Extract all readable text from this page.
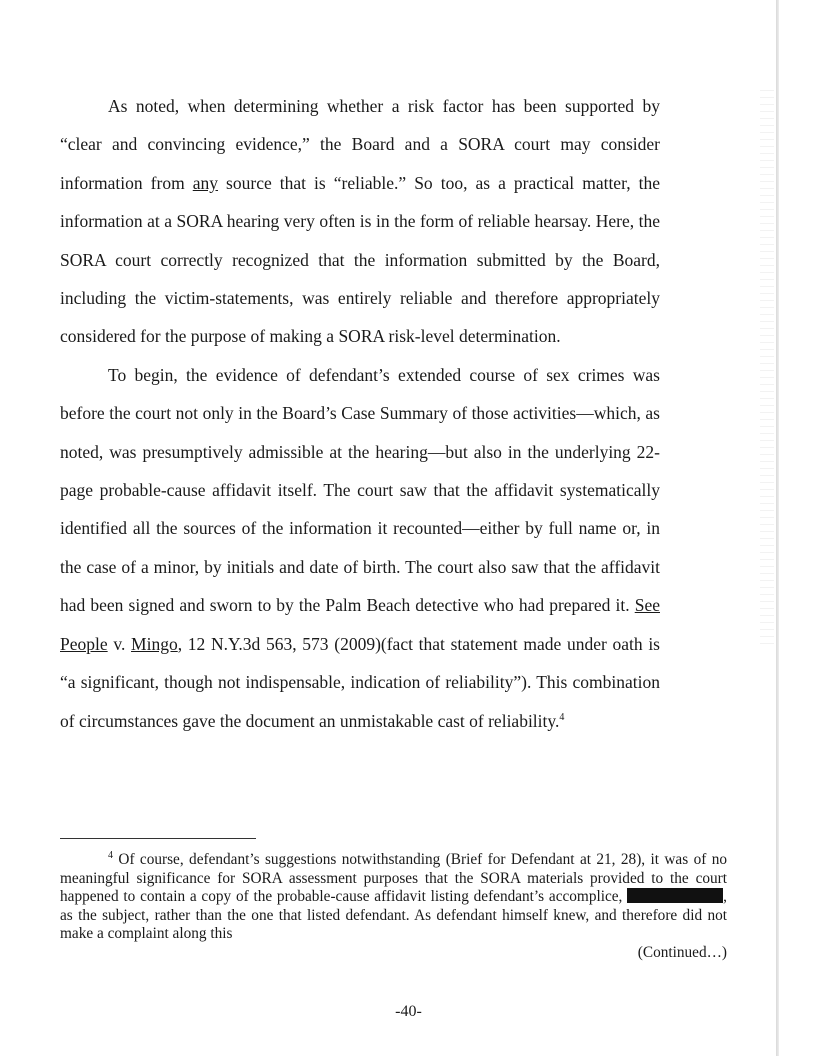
As noted, when determining whether a risk factor has been supported by “clear and convincing evidence,” the Board and a SORA court may consider information from any source that is “reliable.” So too, as a practical matter, the information at a SORA hearing very often is in the form of reliable hearsay. Here, the SORA court correctly recognized that the information submitted by the Board, including the victim-statements, was entirely reliable and therefore appropriately considered for the purpose of making a SORA risk-level determination.

To begin, the evidence of defendant’s extended course of sex crimes was before the court not only in the Board’s Case Summary of those activities—which, as noted, was presumptively admissible at the hearing—but also in the underlying 22-page probable-cause affidavit itself. The court saw that the affidavit systematically identified all the sources of the information it recounted—either by full name or, in the case of a minor, by initials and date of birth. The court also saw that the affidavit had been signed and sworn to by the Palm Beach detective who had prepared it. See People v. Mingo, 12 N.Y.3d 563, 573 (2009)(fact that statement made under oath is “a significant, though not indispensable, indication of reliability”). This combination of circumstances gave the document an unmistakable cast of reliability.$^4$

$^4$ Of course, defendant’s suggestions notwithstanding (Brief for Defendant at 21, 28), it was of no meaningful significance for SORA assessment purposes that the SORA materials provided to the court happened to contain a copy of the probable-cause affidavit listing defendant’s accomplice,	, as the subject, rather than the one that listed defendant. As defendant himself knew, and therefore did not make a complaint along this
(Continued…)

-40-
